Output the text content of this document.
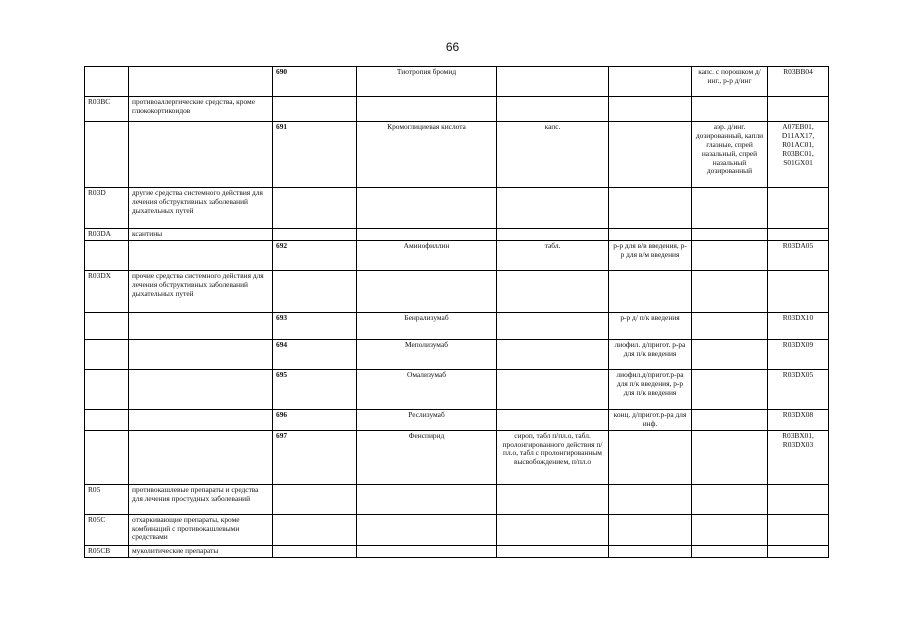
66
		690	Тиотропия бромид			капс. с порошком д/инг., р-р д/инг	R03BB04
R03BC	противоаллергические средства, кроме глюкокортикоидов						
		691	Кромоглициевая кислота	капс.		аэр. д/инг. дозированный, капли глазные, спрей назальный, спрей назальный дозированный	A07EB01, D11AX17, R01AC01, R03BC01, S01GX01
R03D	другие средства системного действия для лечения обструктивных заболеваний дыхательных путей						
R03DA	ксантины						
		692	Аминофиллин	табл.	р-р для в/в введения, р-р для в/м введения		R03DA05
R03DX	прочие средства системного действия для лечения обструктивных заболеваний дыхательных путей						
		693	Бенрализумаб		р-р д/ п/к введения		R03DX10
		694	Меполизумаб		лиофил. д/пригот. р-ра для п/к введения		R03DX09
		695	Омализумаб		лиофил.д/пригот.р-ра для п/к введения, р-р для п/к введения		R03DX05
		696	Реслизумаб		конц. д/пригот.р-ра для инф.		R03DX08
		697	Фенспирид	сироп, табл п/пл.о, табл. пролонгированного действия п/пл.о, табл с пролонгированным высвобождением, п/пл.о			R03BX01, R03DX03
R05	противокашлевые препараты и средства для лечения простудных заболеваний						
R05C	отхаркивающие препараты, кроме комбинаций с противокашлевыми средствами						
R05CB	муколитические препараты						
